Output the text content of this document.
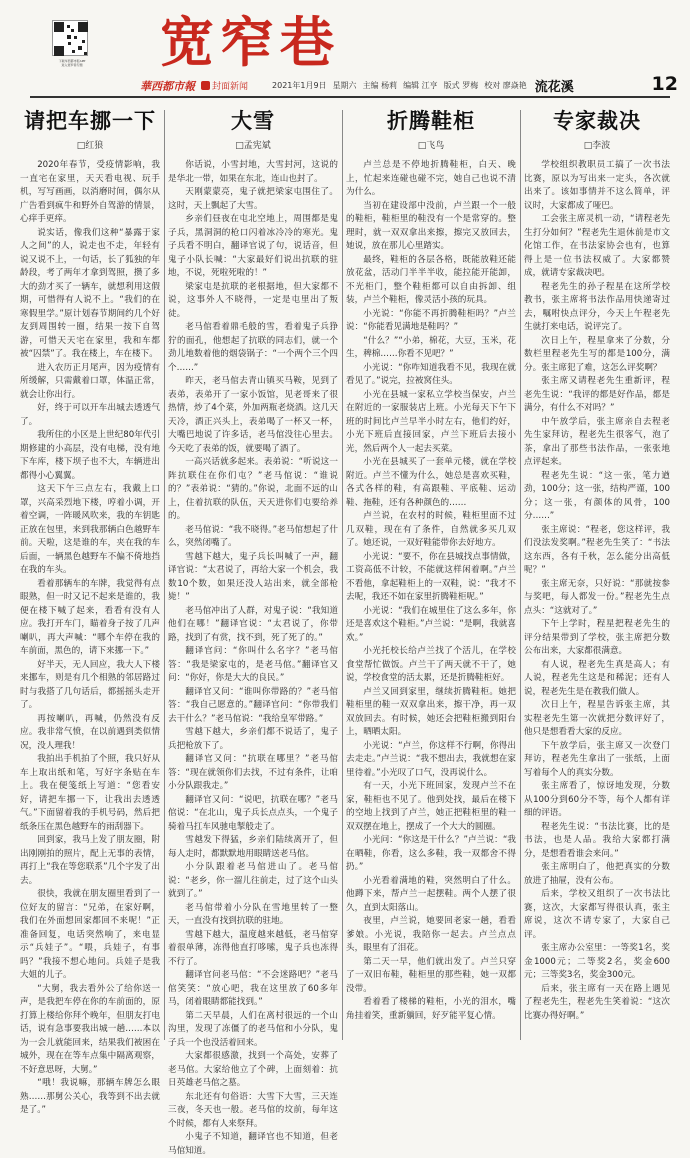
下载华西都市报APP
进入宽窄巷专题	宽窄巷
華西都市報 封面新闻	2021年1月9日 星期六 主编 杨莉 编辑 江亨 版式 罗梅 校对 廖焱艳 流花溪	12
请把车挪一下
□红狼

2020年春节，受疫情影响，我一直宅在家里，天天看电视、玩手机，写写画画，以消磨时间，偶尔从广告看到疯牛和野外自驾游的情景，心痒手更痒。

说实话，像我们这种“暴露于家人之间”的人，说走也不走，年轻有说又说不上，一句话，长了狐独的年龄段，考了两年才拿到驾照，攒了多大的劲才买了一辆车，就想利用这假期，可惜得有人说不上。“我们的在寒假里学。”原计划春节期间约几个好友到周围转一圈，结果一按下自驾游，可惜天天宅在家里，我和车都被“囚禁”了。我在楼上，车在楼下。

进入农历正月尾声，因为疫情有所缓解，只需戴着口罩，体温正常，就会让你出行。

好，终于可以开车出城去透透气了。

我所住的小区是上世纪80年代引期修建的小高层，没有电梯，没有地下车库，楼下坝子也不大，车辆进出都得小心翼翼。

这天下午三点左右，我戴上口罩，兴高采烈地下楼，哼着小调，开着空调，一阵暖风吹来，我的车钥匙正放在包里，来到我那辆白色越野车前。天啦，这是谁的车，夹在我的车后面，一辆黑色越野车不偏不倚地挡在我的车头。

看着那辆车的车牌，我觉得有点眼熟，但一时又记不起来是谁的，我便在楼下喊了起来，看看有没有人应。我打开车门，瞄着身子按了几声喇叭，再大声喊：“哪个车停在我的车前面，黑色的，请下来挪一下。”

好半天，无人回应，我大人下楼来挪车，则是有几个相熟的邻居路过时与我搭了几句话后，都摇摇头走开了。

再按喇叭，再喊，仍然没有反应。我非常气愤，在以前遇到类似情况，没人理我！

我拍出手机拍了个照，我只好从车上取出纸和笔，写好字条贴在车上。我在便笺纸上写道：“您看安好，请把车挪一下，让我出去透透气。”下面留着我的手机号码，然后把纸条压在黑色越野车的雨刮器下。

回到家，我马上发了朋友圈，附出刚刚拍的照片，配上无事的表情，再打上“我在等您联系”几个字发了出去。

很快，我就在朋友圈里看到了一位好友的留言：“兄弟，在家好啊，我们在外面想回家都回不来呢！”正准备回复，电话突然响了，来电显示“兵娃子”。“喂，兵娃子，有事吗？”我接不想心地问。兵娃子是我大姐的儿子。

“大舅，我去看外公了给你送一声，是我把车停在你的车前面的，原打算上楼给你拜个晚年，但朋友打电话，说有急事要我出城一趟……本以为一会儿就能回来，结果我们被困在城外，现在在等车点集中隔离观察，不好意思呀，大舅。”

“哦！我说嘛，那辆车牌怎么眼熟……那舅公关心，我等到不出去就是了。”

大雪
□孟宪斌

你话说，小雪封地，大雪封河，这说的是华北一带，如果在东北，连山也封了。

天刚蒙蒙亮，鬼子就把梁家屯围住了。这时，天上飘起了大雪。

乡亲们昼夜在屯北空地上，周围都是鬼子兵，黑洞洞的枪口闪着冰冷冷的寒光。鬼子兵看不明白，翻译官说了句，说话音，但鬼子小队长喊：“大家最好们说出抗联的驻地，不说，死啦死啦的！”

梁家屯是抗联的老根据地，但大家都不说，这事外人不晓得，一定是屯里出了叛徒。

老马倌看着鼎毛般的雪，看着鬼子兵狰狞的面孔，他想起了抗联的同志们，就一个劲儿地数着他的烟袋锅子：“一个两个三个四个……”

昨天，老马倌去青山镇买马鞍，见到了表弟，表弟开了一家小饭馆，见老哥来了很热情，炒了4个菜，外加两瓶老烧酒。这几天天冷，酒正兴头上，表弟喝了一杯又一杯，大嘴巴地说了许多话，老马倌没往心里去。今天吃了表弟的饭，就要喝了酒了。

一高兴话就多起来。表弟说：“听说这一阵抗联住在你们屯？”老马倌说：“谁说的？”表弟说：“猜的。”你说，北面不远的山上，住着抗联的队伍，天天进你们屯要给养的。

老马倌说：“我不晓得。”老马倌想起了什么，突然闭嘴了。

雪越下越大，鬼子兵长叫喊了一声，翻译官说：“太君说了，再给大家一个机会，我数10个数，如果还没人站出来，就全部枪毙！”

老马倌冲出了人群，对鬼子说：“我知道他们在哪！”翻译官说：“太君说了，你带路，找到了有赏，找不到，死了死了的。”

翻译官问：“你叫什么名字？”老马倌答：“我是梁家屯的，是老马倌。”翻译官又问：“你好，你是大大的良民。”

翻译官又问：“谁叫你带路的？”老马倌答：“我自己愿意的。”翻译官问：“你带我们去干什么？”老马倌说：“我给皇军带路。”

雪越下越大，乡亲们都不说话了，鬼子兵把枪放下了。

翻译官又问：“抗联在哪里？”老马倌答：“现在就领你们去找，不过有条件，让咱小分队跟我走。”

翻译官又问：“说吧，抗联在哪？”老马倌说：“在北山，鬼子兵长点点头，一个鬼子骑着马扛车风驰电掣般走了。

雪越发下得猛，乡亲们陆续离开了，但每人走时，都默默地用眼睛送老马倌。

小分队跟着老马倌进山了。老马倌说：“老乡，你一溜儿往前走，过了这个山头就到了。”

老马倌带着小分队在雪地里转了一整天，一直没有找到抗联的驻地。

雪越下越大，温度越来越低，老马倌穿着很单薄，冻得他直打哆嗦，鬼子兵也冻得不行了。

翻译官问老马倌：“不会迷路吧？”老马倌笑笑：“放心吧，我在这里放了60多年马，闭着眼睛都能找到。”

第二天早晨，人们在离村很远的一个山沟里，发现了冻僵了的老马倌和小分队，鬼子兵一个也没活着回来。

大家都很感激，找到一个高处，安葬了老马倌。大家给他立了个碑，上面刻着：抗日英雄老马倌之墓。

东北还有句俗语：大雪下大雪，三天连三夜，冬天也一般。老马倌的坟前，每年这个时候，都有人来祭拜。

小鬼子不知道，翻译官也不知道，但老马倌知道。

折腾鞋柜
□飞鸟

卢兰总是不停地折腾鞋柜，白天、晚上，忙起来连碰也碰不完，她自己也说不清为什么。

当初在建设部中没前，卢兰跟一个一般的鞋柜，鞋柜里的鞋没有一个是常穿的。整理时，就一双双拿出来擦，擦完又放回去，她说，放在那儿心里踏实。

最终，鞋柜的各层各格，既能放鞋还能放花盆，活动门半半半收，能拉能开能卸，不光柜门，整个鞋柜都可以自由拆卸、组装，卢兰个鞋柜，像灵活小孩的玩具。

小光说：“你能不再折腾鞋柜吗？”卢兰说：“你能看见满地是鞋吗？”

“什么？”“小弟，棉花，大豆，玉米，花生，稗棉……你看不见吧？”

小光说：“你咋知道我看不见，我现在就看见了。”说完，拉被窝住头。

小光在县城一家私立学校当保安，卢兰在附近的一家服装店上班。小光每天下午下班的时间比卢兰早半小时左右，他们约好，小光下班后直接回家，卢兰下班后去接小光，然后两个人一起去买菜。

小光在县城买了一套单元楼，就在学校附近。卢兰不懂为什么，她总是喜欢买鞋，各式各样的鞋，有高跟鞋、平底鞋、运动鞋、拖鞋，还有各种颜色的……

卢兰说，在农村的时候，鞋柜里面不过几双鞋，现在有了条件，自然就多买几双了。她还说，一双好鞋能带你去好地方。

小光说：“要不，你在县城找点事情做，工资高低不计较，不能就这样闲着啊。”卢兰不看他，拿起鞋柜上的一双鞋，说：“我才不去呢，我还不如在家里折腾鞋柜呢。”

小光说：“我们在城里住了这么多年，你还是喜欢这个鞋柜。”卢兰说：“是啊，我就喜欢。”

小光托校长给卢兰找了个活儿，在学校食堂帮忙做饭。卢兰干了两天就不干了，她说，学校食堂的活太累，还是折腾鞋柜好。

卢兰又回到家里，继续折腾鞋柜。她把鞋柜里的鞋一双双拿出来，擦干净，再一双双放回去。有时候，她还会把鞋柜搬到阳台上，晒晒太阳。

小光说：“卢兰，你这样不行啊，你得出去走走。”卢兰说：“我不想出去，我就想在家里待着。”小光叹了口气，没再说什么。

有一天，小光下班回家，发现卢兰不在家，鞋柜也不见了。他到处找，最后在楼下的空地上找到了卢兰，她正把鞋柜里的鞋一双双摆在地上，摆成了一个大大的圆圈。

小光问：“你这是干什么？”卢兰说：“我在晒鞋，你看，这么多鞋，我一双都舍不得扔。”

小光看着满地的鞋，突然明白了什么。他蹲下来，帮卢兰一起摆鞋。两个人摆了很久，直到太阳落山。

夜里，卢兰说，她要回老家一趟，看看爹娘。小光说，我陪你一起去。卢兰点点头，眼里有了泪花。

第二天一早，他们就出发了。卢兰只穿了一双旧布鞋，鞋柜里的那些鞋，她一双都没带。

看着看了楼梯的鞋柜，小光的泪水，嘴角挂着笑，重新躺回，好歹能平复心情。

专家裁决
□李波

学校组织教职员工搞了一次书法比赛，原以为写出来一定头，各次就出来了。该如事情并不这么简单，评议时，大家都成了哑巴。

工会张主席灵机一动，“请程老先生打分如何？”程老先生退休前是市文化馆工作，在书法家协会也有，也算得上是一位书法权威了。大家都赞成，就请专家裁决吧。

程老先生的孙子程星在这所学校教书，张主席将书法作品用快递寄过去，嘱咐快点评分，今天上午程老先生就打来电话，说评完了。

次日上午，程星拿来了分数，分数栏里程老先生写的都是100分，满分。张主席犯了难，这怎么评奖啊？

张主席又请程老先生重新评，程老先生说：“我评的都是好作品，都是满分，有什么不对吗？”

中午放学后，张主席亲自去程老先生家拜访，程老先生很客气，泡了茶，拿出了那些书法作品，一张张地点评起来。

程老先生说：“这一张，笔力遒劲，100分；这一张，结构严谨，100分；这一张，有颜体的风骨，100分……”

张主席说：“程老，您这样评，我们没法发奖啊。”程老先生笑了：“书法这东西，各有千秋，怎么能分出高低呢？”

张主席无奈，只好说：“那就按参与奖吧，每人都发一份。”程老先生点点头：“这就对了。”

下午上学时，程星把程老先生的评分结果带到了学校，张主席把分数公布出来，大家都很满意。

有人说，程老先生真是高人；有人说，程老先生这是和稀泥；还有人说，程老先生是在教我们做人。

次日上午，程星告诉张主席，其实程老先生第一次就把分数评好了，他只是想看看大家的反应。

下午放学后，张主席又一次登门拜访，程老先生拿出了一张纸，上面写着每个人的真实分数。

张主席看了，惊讶地发现，分数从100分到60分不等，每个人都有详细的评语。

程老先生说：“书法比赛，比的是书法，也是人品。我给大家都打满分，是想看看谁会来问。”

张主席明白了，他把真实的分数放进了抽屉，没有公布。

后来，学校又组织了一次书法比赛，这次，大家都写得很认真，张主席说，这次不请专家了，大家自己评。

张主席办公室里：一等奖1名，奖金1000元；二等奖2名，奖金600元；三等奖3名，奖金300元。

后来，张主席有一天在路上遇见了程老先生，程老先生笑着说：“这次比赛办得好啊。”
